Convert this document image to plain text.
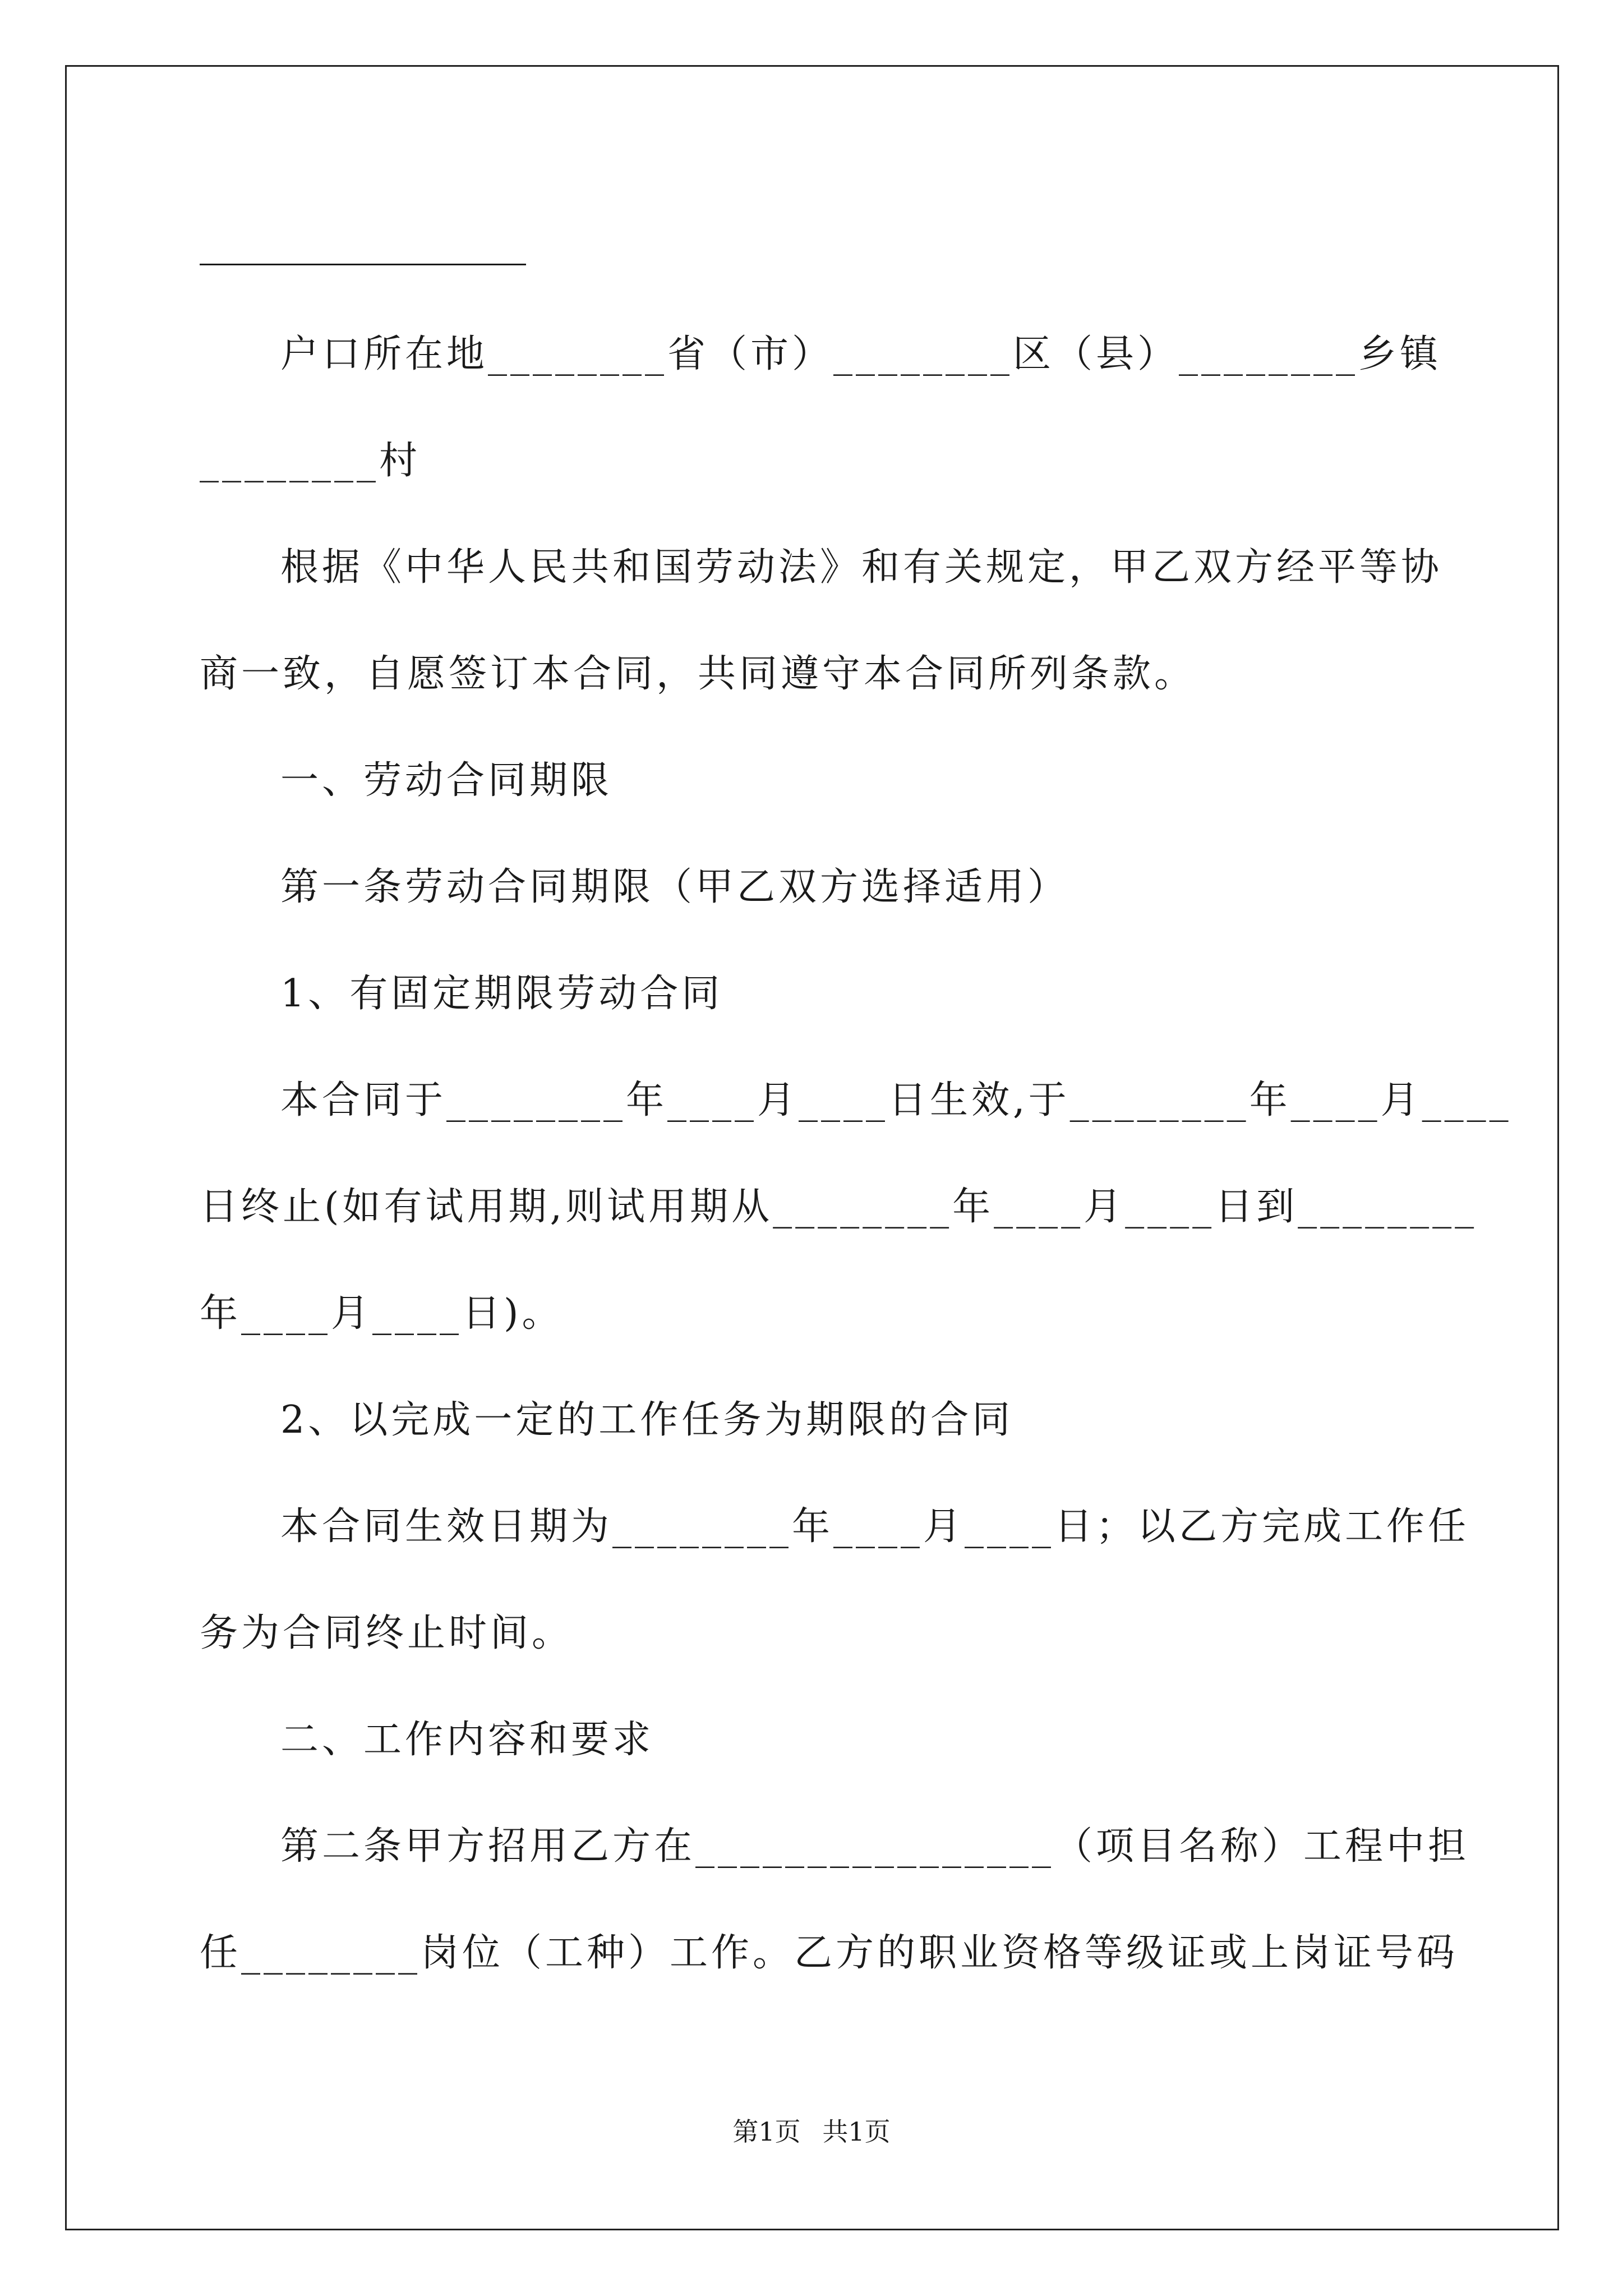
户口所在地________省（市）________区（县）________乡镇
________村
根据《中华人民共和国劳动法》和有关规定，甲乙双方经平等协
商一致，自愿签订本合同，共同遵守本合同所列条款。
一、劳动合同期限
第一条劳动合同期限（甲乙双方选择适用）
1、有固定期限劳动合同
本合同于________年____月____日生效,于________年____月____
日终止(如有试用期,则试用期从________年____月____日到________
年____月____日)。
2、以完成一定的工作任务为期限的合同
本合同生效日期为________年____月____日；以乙方完成工作任
务为合同终止时间。
二、工作内容和要求
第二条甲方招用乙方在________________（项目名称）工程中担
任________岗位（工种）工作。乙方的职业资格等级证或上岗证号码
第1页 共1页
